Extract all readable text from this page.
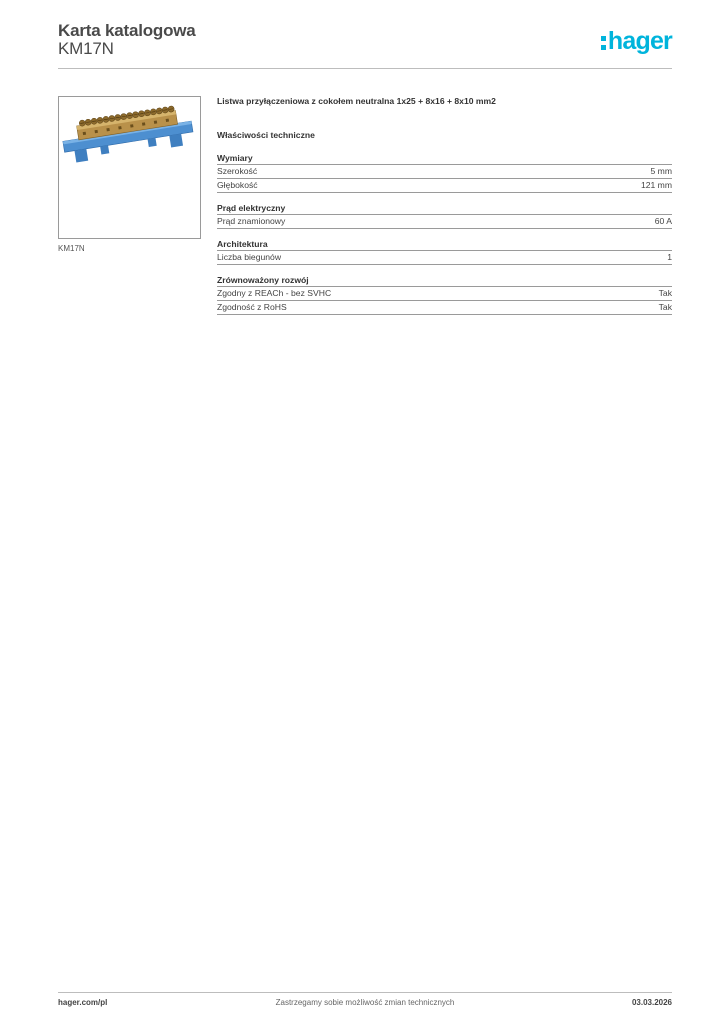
Karta katalogowa
KM17N	hager
KM17N
Listwa przyłączeniowa z cokołem neutralna 1x25 + 8x16 + 8x10 mm2
Właściwości techniczne
Wymiary
Szerokość	5 mm
Głębokość	121 mm
Prąd elektryczny
Prąd znamionowy	60 A
Architektura
Liczba biegunów	1
Zrównoważony rozwój
Zgodny z REACh - bez SVHC	Tak
Zgodność z RoHS	Tak
Zastrzegamy sobie możliwość zmian technicznych
hager.com/pl	03.03.2026
